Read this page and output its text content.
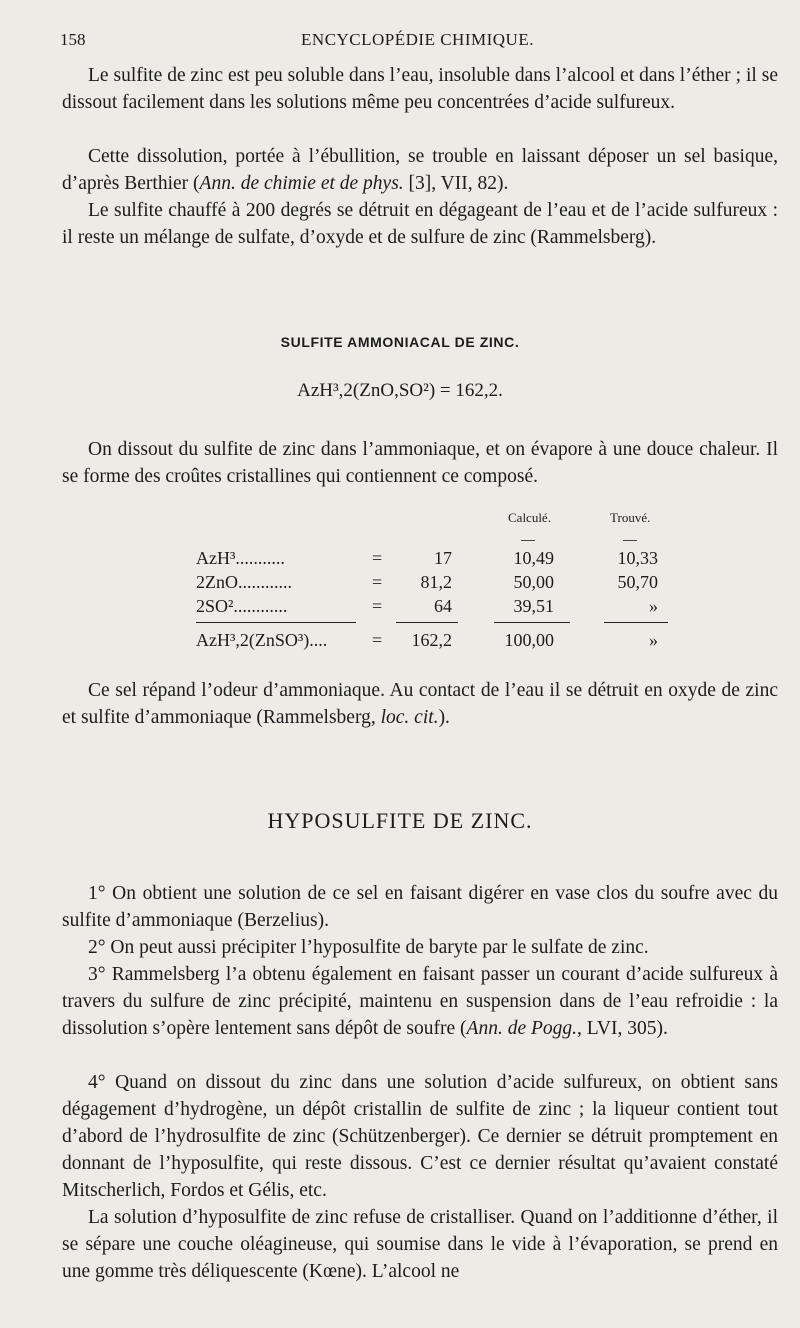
158	ENCYCLOPÉDIE CHIMIQUE.
Le sulfite de zinc est peu soluble dans l’eau, insoluble dans l’alcool et dans l’éther ; il se dissout facilement dans les solutions même peu concentrées d’acide sulfureux.
Cette dissolution, portée à l’ébullition, se trouble en laissant déposer un sel basique, d’après Berthier (Ann. de chimie et de phys. [3], VII, 82).
Le sulfite chauffé à 200 degrés se détruit en dégageant de l’eau et de l’acide sulfureux : il reste un mélange de sulfate, d’oxyde et de sulfure de zinc (Rammelsberg).
SULFITE AMMONIACAL DE ZINC.
AzH³,2(ZnO,SO²) = 162,2.
On dissout du sulfite de zinc dans l’ammoniaque, et on évapore à une douce chaleur. Il se forme des croûtes cristallines qui contiennent ce composé.
Calculé.	Trouvé.
AzH³...........	=	17	10,49	10,33
2ZnO............	=	81,2	50,00	50,70
2SO²............	=	64	39,51	»
AzH³,2(ZnSO³).... =	162,2	100,00	»
Ce sel répand l’odeur d’ammoniaque. Au contact de l’eau il se détruit en oxyde de zinc et sulfite d’ammoniaque (Rammelsberg, loc. cit.).
HYPOSULFITE DE ZINC.
1° On obtient une solution de ce sel en faisant digérer en vase clos du soufre avec du sulfite d’ammoniaque (Berzelius).
2° On peut aussi précipiter l’hyposulfite de baryte par le sulfate de zinc.
3° Rammelsberg l’a obtenu également en faisant passer un courant d’acide sulfureux à travers du sulfure de zinc précipité, maintenu en suspension dans de l’eau refroidie : la dissolution s’opère lentement sans dépôt de soufre (Ann. de Pogg., LVI, 305).
4° Quand on dissout du zinc dans une solution d’acide sulfureux, on obtient sans dégagement d’hydrogène, un dépôt cristallin de sulfite de zinc ; la liqueur contient tout d’abord de l’hydrosulfite de zinc (Schützenberger). Ce dernier se détruit promptement en donnant de l’hyposulfite, qui reste dissous. C’est ce dernier résultat qu’avaient constaté Mitscherlich, Fordos et Gélis, etc.
La solution d’hyposulfite de zinc refuse de cristalliser. Quand on l’additionne d’éther, il se sépare une couche oléagineuse, qui soumise dans le vide à l’évaporation, se prend en une gomme très déliquescente (Kœne). L’alcool ne
